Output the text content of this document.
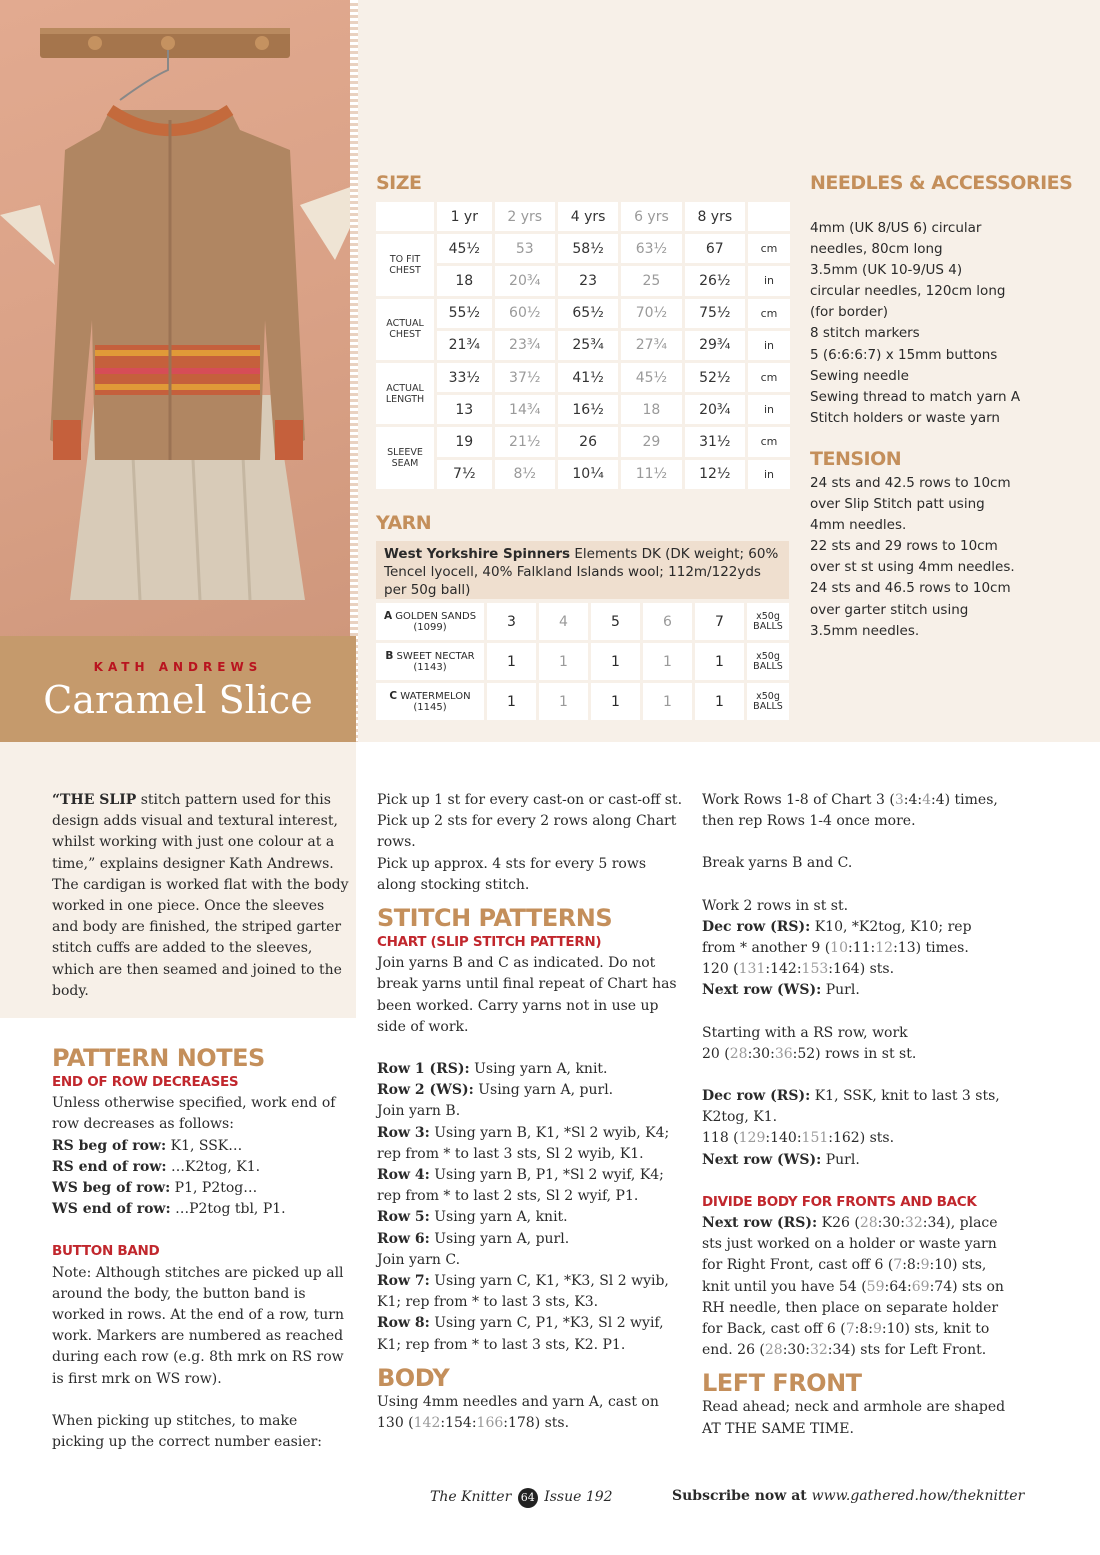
KATH ANDREWS
Caramel Slice
SIZE
	1 yr	2 yrs	4 yrs	6 yrs	8 yrs	
TO FIT CHEST	45½	53	58½	63½	67	cm
	18	20¾	23	25	26½	in
ACTUAL CHEST	55½	60½	65½	70½	75½	cm
	21¾	23¾	25¾	27¾	29¾	in
ACTUAL LENGTH	33½	37½	41½	45½	52½	cm
	13	14¾	16½	18	20¾	in
SLEEVE SEAM	19	21½	26	29	31½	cm
	7½	8½	10¼	11½	12½	in
YARN
West Yorkshire Spinners Elements DK (DK weight; 60% Tencel lyocell, 40% Falkland Islands wool; 112m/122yds per 50g ball)
A GOLDEN SANDS
(1099)	3	4	5	6	7	x50g BALLS
B SWEET NECTAR
(1143)	1	1	1	1	1	x50g BALLS
C WATERMELON
(1145)	1	1	1	1	1	x50g BALLS
NEEDLES & ACCESSORIES
4mm (UK 8/US 6) circular
needles, 80cm long
3.5mm (UK 10-9/US 4)
circular needles, 120cm long
(for border)
8 stitch markers
5 (6:6:6:7) x 15mm buttons
Sewing needle
Sewing thread to match yarn A
Stitch holders or waste yarn
TENSION
24 sts and 42.5 rows to 10cm
over Slip Stitch patt using
4mm needles.
22 sts and 29 rows to 10cm
over st st using 4mm needles.
24 sts and 46.5 rows to 10cm
over garter stitch using
3.5mm needles.
“THE SLIP stitch pattern used for this design adds visual and textural interest, whilst working with just one colour at a time,” explains designer Kath Andrews. The cardigan is worked flat with the body worked in one piece. Once the sleeves and body are finished, the striped garter stitch cuffs are added to the sleeves, which are then seamed and joined to the body.
PATTERN NOTES
END OF ROW DECREASES

Unless otherwise specified, work end of row decreases as follows:

RS beg of row: K1, SSK…

RS end of row: …K2tog, K1.

WS beg of row: P1, P2tog…

WS end of row: …P2tog tbl, P1.

BUTTON BAND

Note: Although stitches are picked up all around the body, the button band is worked in rows. At the end of a row, turn work. Markers are numbered as reached during each row (e.g. 8th mrk on RS row is first mrk on WS row).

When picking up stitches, to make picking up the correct number easier:

Pick up 1 st for every cast-on or cast-off st.

Pick up 2 sts for every 2 rows along Chart rows.

Pick up approx. 4 sts for every 5 rows along stocking stitch.

STITCH PATTERNS
CHART (SLIP STITCH PATTERN)

Join yarns B and C as indicated. Do not break yarns until final repeat of Chart has been worked. Carry yarns not in use up side of work.

Row 1 (RS): Using yarn A, knit.

Row 2 (WS): Using yarn A, purl.

Join yarn B.

Row 3: Using yarn B, K1, *Sl 2 wyib, K4; rep from * to last 3 sts, Sl 2 wyib, K1.

Row 4: Using yarn B, P1, *Sl 2 wyif, K4; rep from * to last 2 sts, Sl 2 wyif, P1.

Row 5: Using yarn A, knit.

Row 6: Using yarn A, purl.

Join yarn C.

Row 7: Using yarn C, K1, *K3, Sl 2 wyib, K1; rep from * to last 3 sts, K3.

Row 8: Using yarn C, P1, *K3, Sl 2 wyif, K1; rep from * to last 3 sts, K2. P1.

BODY

Using 4mm needles and yarn A, cast on 130 (142:154:166:178) sts.

Work Rows 1-8 of Chart 3 (3:4:4:4) times, then rep Rows 1-4 once more.

Break yarns B and C.

Work 2 rows in st st.

Dec row (RS): K10, *K2tog, K10; rep from * another 9 (10:11:12:13) times.

120 (131:142:153:164) sts.

Next row (WS): Purl.

Starting with a RS row, work

20 (28:30:36:52) rows in st st.

Dec row (RS): K1, SSK, knit to last 3 sts, K2tog, K1.

118 (129:140:151:162) sts.

Next row (WS): Purl.

DIVIDE BODY FOR FRONTS AND BACK

Next row (RS): K26 (28:30:32:34), place sts just worked on a holder or waste yarn for Right Front, cast off 6 (7:8:9:10) sts, knit until you have 54 (59:64:69:74) sts on RH needle, then place on separate holder for Back, cast off 6 (7:8:9:10) sts, knit to end. 26 (28:30:32:34) sts for Left Front.

LEFT FRONT

Read ahead; neck and armhole are shaped AT THE SAME TIME.

The Knitter 64 Issue 192	Subscribe now at www.gathered.how/theknitter
